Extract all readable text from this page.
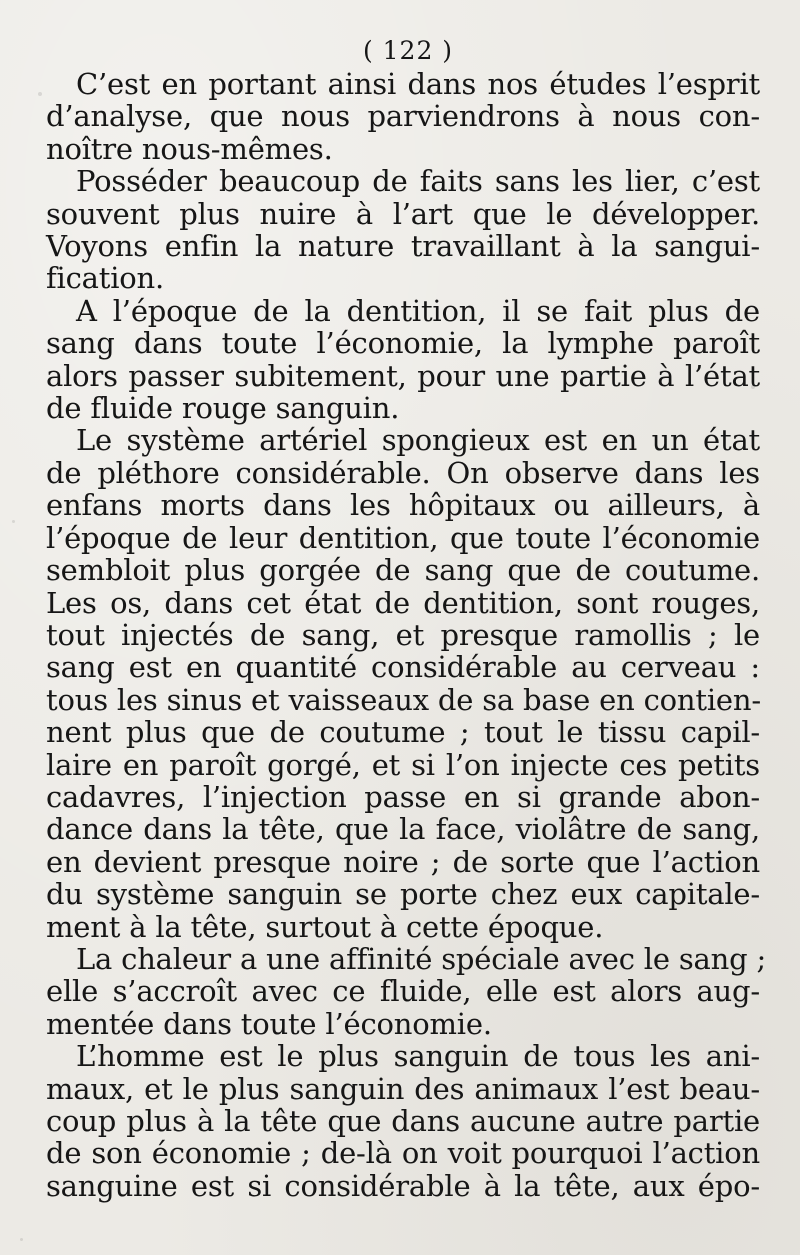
( 122 )
C’est en portant ainsi dans nos études l’esprit
d’analyse, que nous parviendrons à nous con-
noître nous-mêmes.
Posséder beaucoup de faits sans les lier, c’est
souvent plus nuire à l’art que le développer.
Voyons enfin la nature travaillant à la sangui-
fication.
A l’époque de la dentition, il se fait plus de
sang dans toute l’économie, la lymphe paroît
alors passer subitement, pour une partie à l’état
de fluide rouge sanguin.
Le système artériel spongieux est en un état
de pléthore considérable. On observe dans les
enfans morts dans les hôpitaux ou ailleurs, à
l’époque de leur dentition, que toute l’économie
sembloit plus gorgée de sang que de coutume.
Les os, dans cet état de dentition, sont rouges,
tout injectés de sang, et presque ramollis ; le
sang est en quantité considérable au cerveau :
tous les sinus et vaisseaux de sa base en contien-
nent plus que de coutume ; tout le tissu capil-
laire en paroît gorgé, et si l’on injecte ces petits
cadavres, l’injection passe en si grande abon-
dance dans la tête, que la face, violâtre de sang,
en devient presque noire ; de sorte que l’action
du système sanguin se porte chez eux capitale-
ment à la tête, surtout à cette époque.
La chaleur a une affinité spéciale avec le sang ;
elle s’accroît avec ce fluide, elle est alors aug-
mentée dans toute l’économie.
L’homme est le plus sanguin de tous les ani-
maux, et le plus sanguin des animaux l’est beau-
coup plus à la tête que dans aucune autre partie
de son économie ; de-là on voit pourquoi l’action
sanguine est si considérable à la tête, aux épo-
